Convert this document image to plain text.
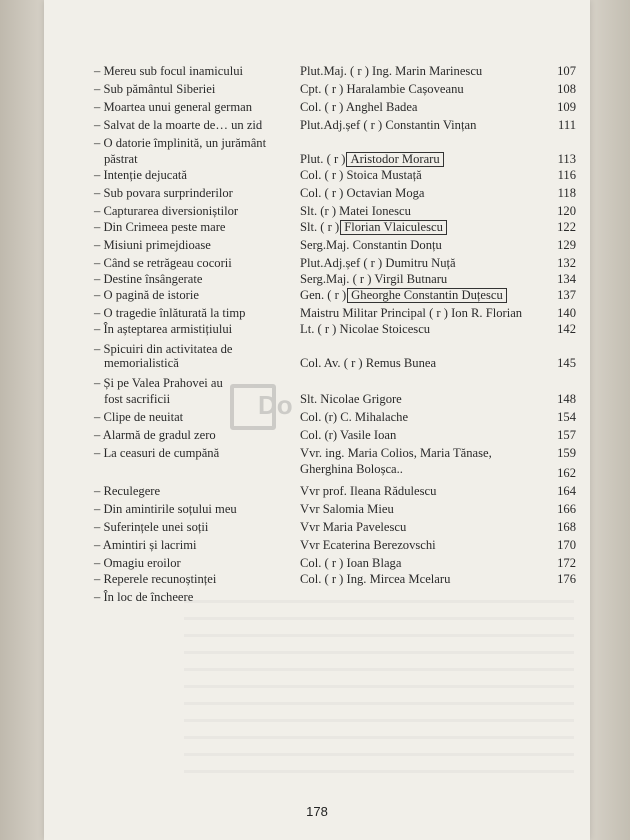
Do
– Mereu sub focul inamicului	Plut.Maj. ( r ) Ing. Marin Marinescu	107
– Sub pământul Siberiei	Cpt. ( r ) Haralambie Cașoveanu	108
– Moartea unui general german	Col. ( r ) Anghel Badea	109
– Salvat de la moarte de… un zid	Plut.Adj.șef ( r ) Constantin Vințan	111
– O datorie împlinită, un jurământ
păstrat	Plut. ( r ) Aristodor Moraru	113
– Intenție dejucată	Col. ( r ) Stoica Mustață	116
– Sub povara surprinderilor	Col. ( r ) Octavian Moga	118
– Capturarea diversioniștilor	Slt. (r ) Matei Ionescu	120
– Din Crimeea peste mare	Slt. ( r ) Florian Vlaiculescu	122
– Misiuni primejdioase	Serg.Maj. Constantin Donțu	129
– Când se retrăgeau cocorii	Plut.Adj.șef ( r ) Dumitru Nuță	132
– Destine însângerate	Serg.Maj. ( r ) Virgil Butnaru	134
– O pagină de istorie	Gen. ( r ) Gheorghe Constantin Duțescu	137
– O tragedie înlăturată la timp	Maistru Militar Principal ( r ) Ion R. Florian	140
– În așteptarea armistițiului	Lt. ( r ) Nicolae Stoicescu	142
– Spicuiri din activitatea de
memorialistică	Col. Av. ( r ) Remus Bunea	145
– Și pe Valea Prahovei au
fost sacrificii	Slt. Nicolae Grigore	148
– Clipe de neuitat	Col. (r) C. Mihalache	154
– Alarmă de gradul zero	Col. (r) Vasile Ioan	157
– La ceasuri de cumpănă	Vvr. ing. Maria Colios, Maria Tănase,	159
Gherghina Boloșca..	162
– Reculegere	Vvr prof. Ileana Rădulescu	164
– Din amintirile soțului meu	Vvr Salomia Mieu	166
– Suferințele unei soții	Vvr Maria Pavelescu	168
– Amintiri și lacrimi	Vvr Ecaterina Berezovschi	170
– Omagiu eroilor	Col. ( r ) Ioan Blaga	172
– Reperele recunoștinței	Col. ( r ) Ing. Mircea Mcelaru	176
– În loc de încheere
178
